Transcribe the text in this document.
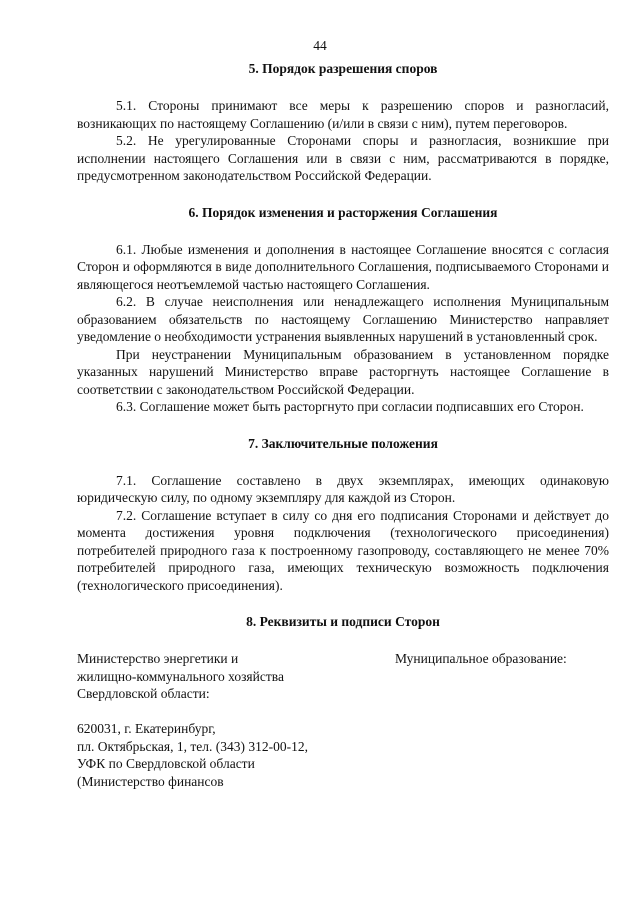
44

5. Порядок разрешения споров

5.1. Стороны принимают все меры к разрешению споров и разногласий, возникающих по настоящему Соглашению (и/или в связи с ним), путем переговоров.

5.2. Не урегулированные Сторонами споры и разногласия, возникшие при исполнении настоящего Соглашения или в связи с ним, рассматриваются в порядке, предусмотренном законодательством Российской Федерации.

6. Порядок изменения и расторжения Соглашения

6.1. Любые изменения и дополнения в настоящее Соглашение вносятся с согласия Сторон и оформляются в виде дополнительного Соглашения, подписываемого Сторонами и являющегося неотъемлемой частью настоящего Соглашения.

6.2. В случае неисполнения или ненадлежащего исполнения Муниципальным образованием обязательств по настоящему Соглашению Министерство направляет уведомление о необходимости устранения выявленных нарушений в установленный срок.

При неустранении Муниципальным образованием в установленном порядке указанных нарушений Министерство вправе расторгнуть настоящее Соглашение в соответствии с законодательством Российской Федерации.

6.3. Соглашение может быть расторгнуто при согласии подписавших его Сторон.

7. Заключительные положения

7.1. Соглашение составлено в двух экземплярах, имеющих одинаковую юридическую силу, по одному экземпляру для каждой из Сторон.

7.2. Соглашение вступает в силу со дня его подписания Сторонами и действует до момента достижения уровня подключения (технологического присоединения) потребителей природного газа к построенному газопроводу, составляющего не менее 70% потребителей природного газа, имеющих техническую возможность подключения (технологического присоединения).

8. Реквизиты и подписи Сторон

Министерство энергетики и
жилищно-коммунального хозяйства
Свердловской области:
620031, г. Екатеринбург,
пл. Октябрьская, 1, тел. (343) 312-00-12,
УФК по Свердловской области
(Министерство финансов
Муниципальное образование:
